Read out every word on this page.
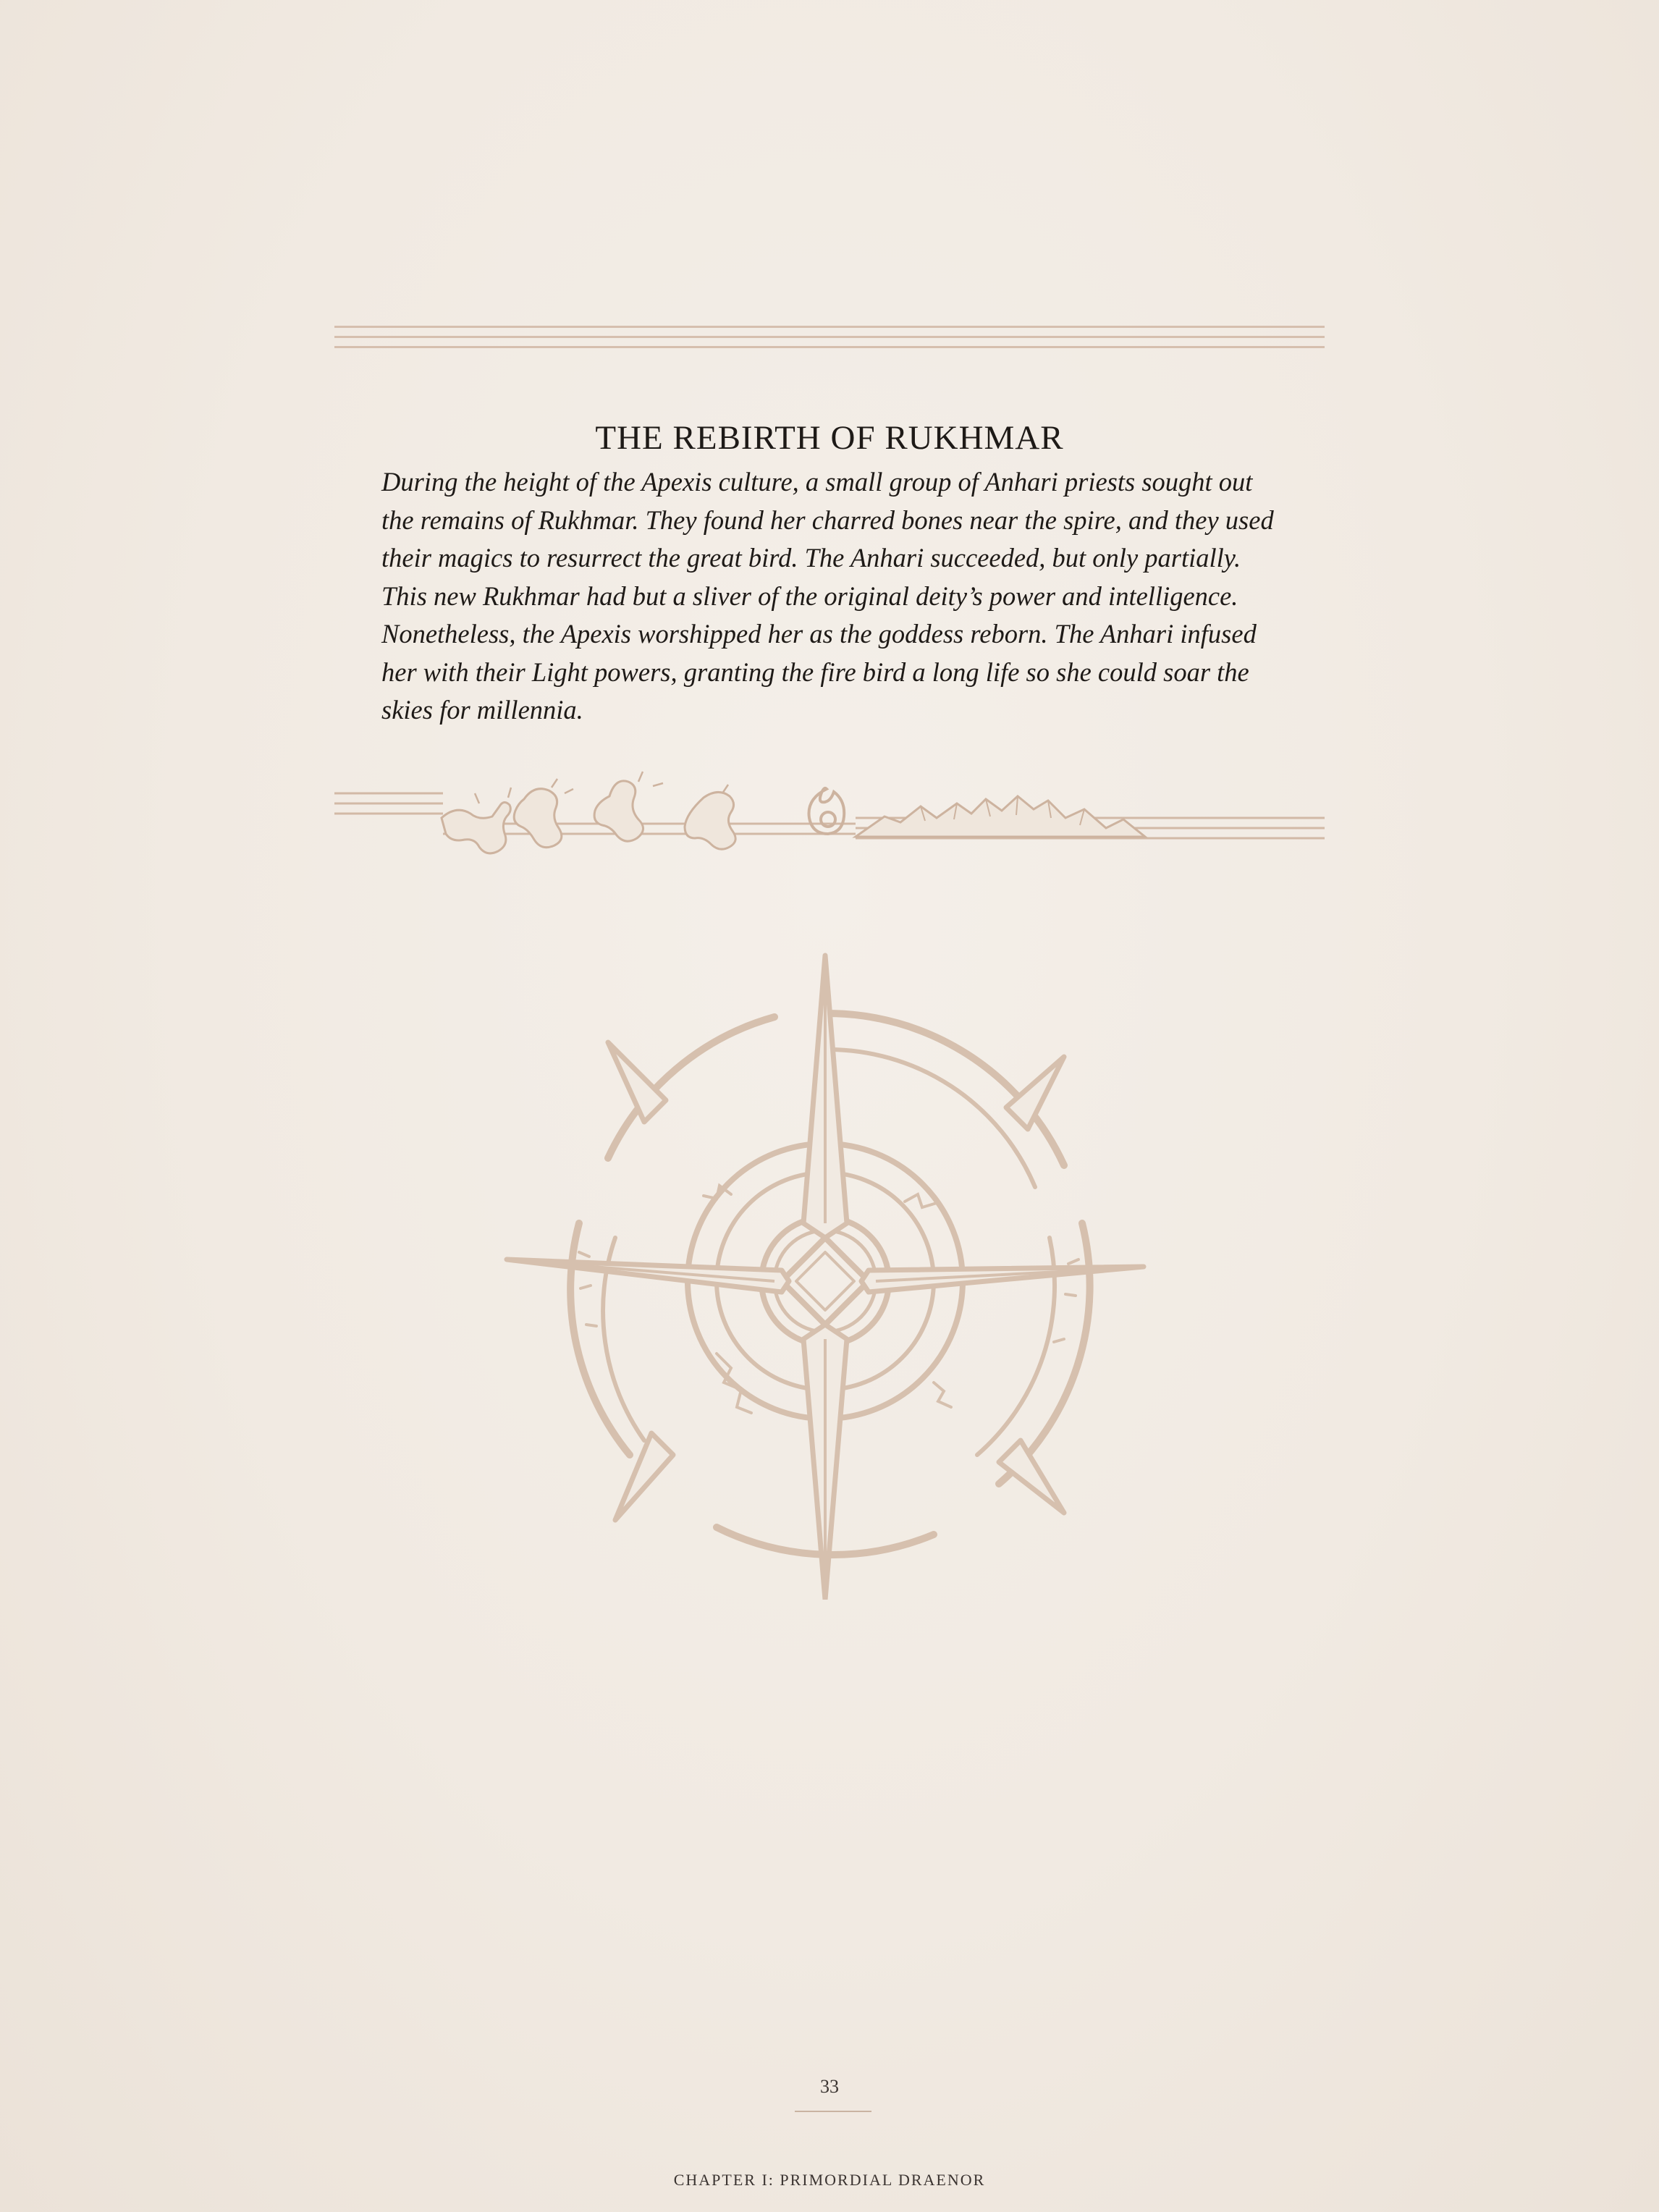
THE REBIRTH OF RUKHMAR
During the height of the Apexis culture, a small group of Anhari priests sought out
the remains of Rukhmar. They found her charred bones near the spire, and they used
their magics to resurrect the great bird. The Anhari succeeded, but only partially.
This new Rukhmar had but a sliver of the original deity’s power and intelligence.
Nonetheless, the Apexis worshipped her as the goddess reborn. The Anhari infused
her with their Light powers, granting the fire bird a long life so she could soar the
skies for millennia.
33
CHAPTER I: PRIMORDIAL DRAENOR
